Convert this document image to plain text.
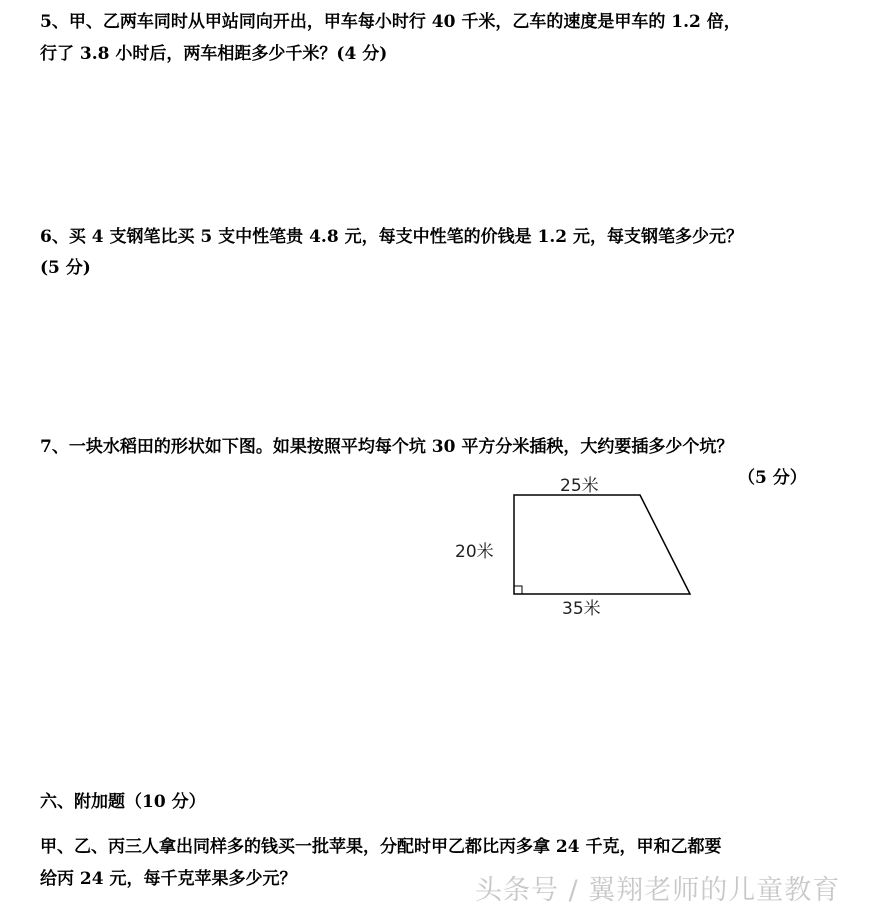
5、甲、乙两车同时从甲站同向开出，甲车每小时行 40 千米，乙车的速度是甲车的 1.2 倍，
行了 3.8 小时后，两车相距多少千米？(4 分)
6、买 4 支钢笔比买 5 支中性笔贵 4.8 元，每支中性笔的价钱是 1.2 元，每支钢笔多少元？
(5 分)
7、一块水稻田的形状如下图。如果按照平均每个坑 30 平方分米插秧，大约要插多少个坑？
（5 分）
25米
20米
35米
六、附加题（10 分）
甲、乙、丙三人拿出同样多的钱买一批苹果，分配时甲乙都比丙多拿 24 千克，甲和乙都要
给丙 24 元，每千克苹果多少元？	头条号 / 翼翔老师的儿童教育
